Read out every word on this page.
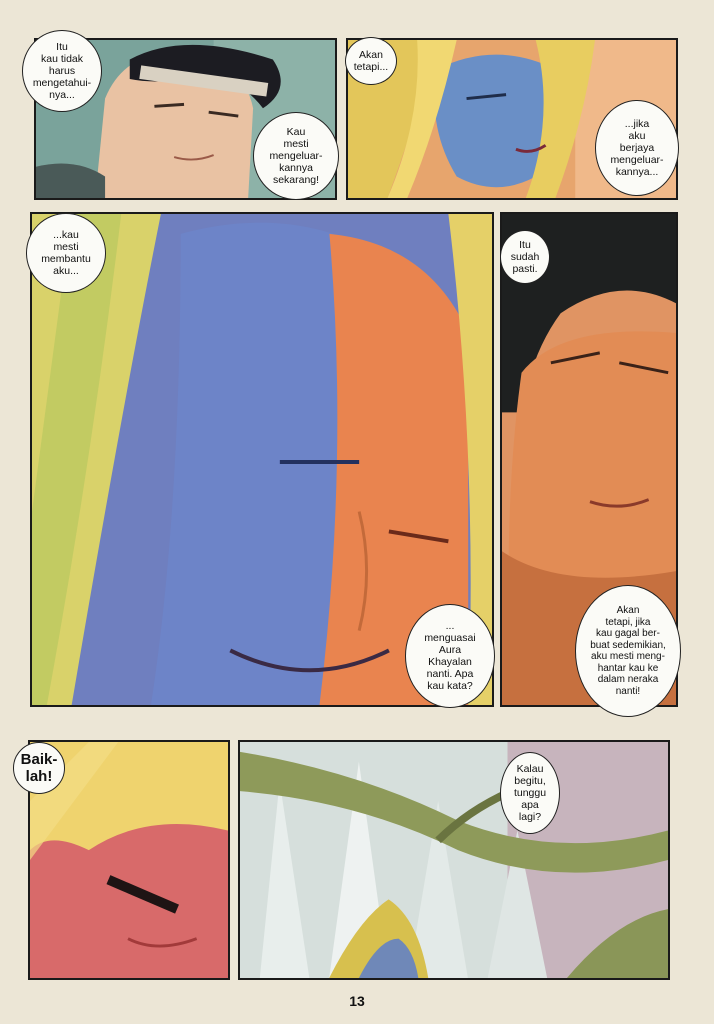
Itu
kau tidak
harus
mengetahui-
nya...
Kau
mesti
mengeluar-
kannya
sekarang!
Akan
tetapi...
...jika
aku
berjaya
mengeluar-
kannya...
...kau
mesti
membantu
aku...
...
menguasai
Aura
Khayalan
nanti. Apa
kau kata?
Itu
sudah
pasti.
Akan
tetapi, jika
kau gagal ber-
buat sedemikian,
aku mesti meng-
hantar kau ke
dalam neraka
nanti!
Baik-
lah!	Kalau
begitu,
tunggu
apa
lagi?
13
